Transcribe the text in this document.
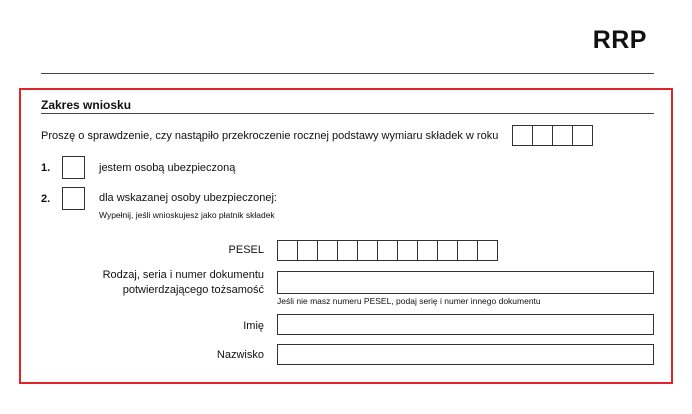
RRP
Zakres wniosku
Proszę o sprawdzenie, czy nastąpiło przekroczenie rocznej podstawy wymiaru składek w roku
1.	jestem osobą ubezpieczoną
2.	dla wskazanej osoby ubezpieczonej:
Wypełnij, jeśli wnioskujesz jako płatnik składek
PESEL
Rodzaj, seria i numer dokumentu
potwierdzającego tożsamość
Jeśli nie masz numeru PESEL, podaj serię i numer innego dokumentu
Imię
Nazwisko
